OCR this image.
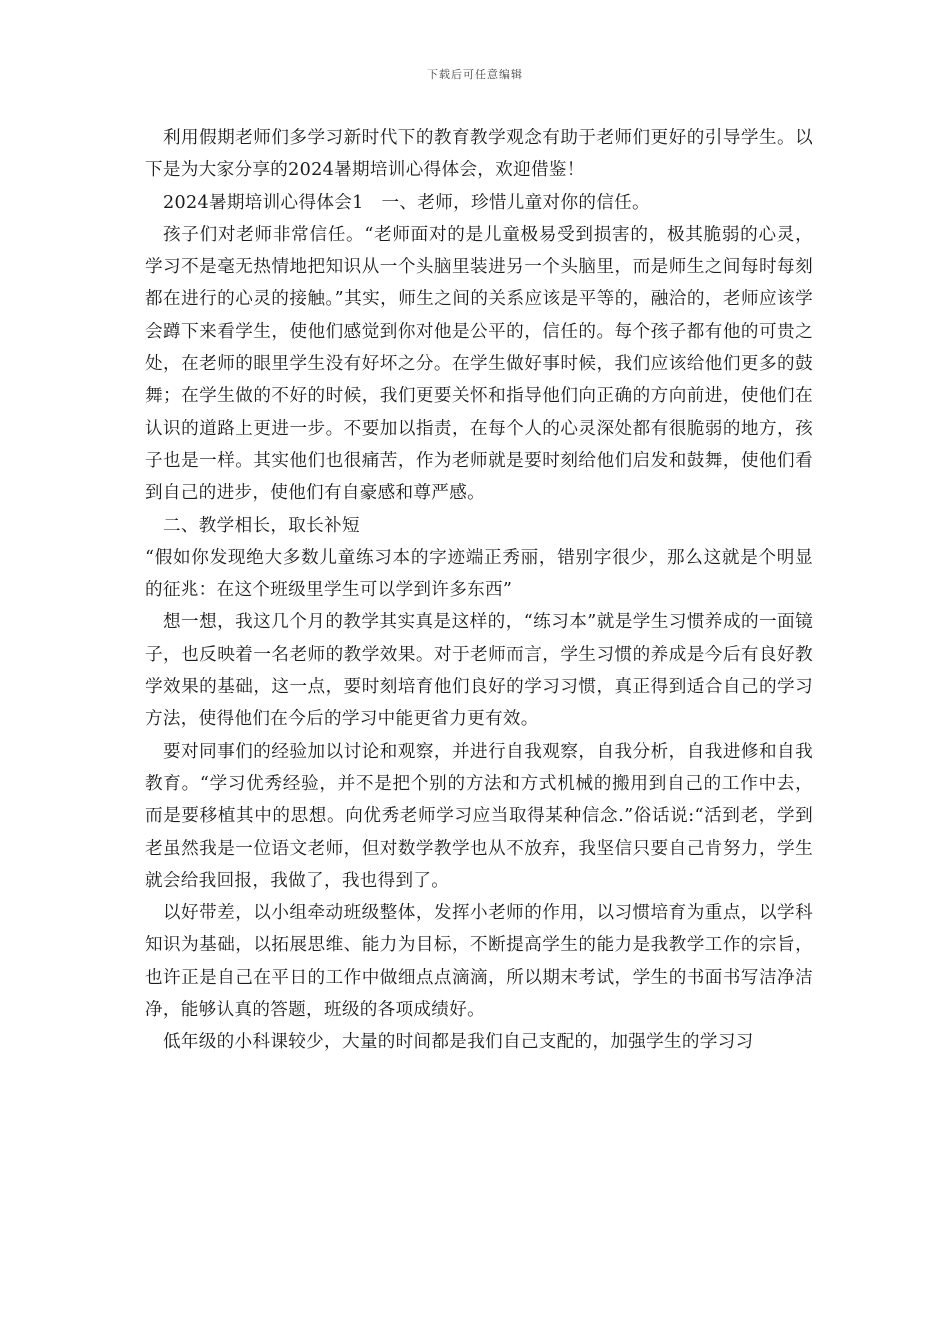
下载后可任意编辑

利用假期老师们多学习新时代下的教育教学观念有助于老师们更好的引导学生。以下是为大家分享的2024暑期培训心得体会，欢迎借鉴！

2024暑期培训心得体会1　一、老师，珍惜儿童对你的信任。

孩子们对老师非常信任。“老师面对的是儿童极易受到损害的，极其脆弱的心灵，学习不是毫无热情地把知识从一个头脑里装进另一个头脑里，而是师生之间每时每刻都在进行的心灵的接触。”其实，师生之间的关系应该是平等的，融洽的，老师应该学会蹲下来看学生，使他们感觉到你对他是公平的，信任的。每个孩子都有他的可贵之处，在老师的眼里学生没有好坏之分。在学生做好事时候，我们应该给他们更多的鼓舞；在学生做的不好的时候，我们更要关怀和指导他们向正确的方向前进，使他们在认识的道路上更进一步。不要加以指责，在每个人的心灵深处都有很脆弱的地方，孩子也是一样。其实他们也很痛苦，作为老师就是要时刻给他们启发和鼓舞，使他们看到自己的进步，使他们有自豪感和尊严感。

二、教学相长，取长补短

“假如你发现绝大多数儿童练习本的字迹端正秀丽，错别字很少，那么这就是个明显的征兆：在这个班级里学生可以学到许多东西”

想一想，我这几个月的教学其实真是这样的，“练习本”就是学生习惯养成的一面镜子，也反映着一名老师的教学效果。对于老师而言，学生习惯的养成是今后有良好教学效果的基础，这一点，要时刻培育他们良好的学习习惯，真正得到适合自己的学习方法，使得他们在今后的学习中能更省力更有效。

要对同事们的经验加以讨论和观察，并进行自我观察，自我分析，自我进修和自我教育。“学习优秀经验，并不是把个别的方法和方式机械的搬用到自己的工作中去，而是要移植其中的思想。向优秀老师学习应当取得某种信念.”俗话说:“活到老，学到老虽然我是一位语文老师，但对数学教学也从不放弃，我坚信只要自己肯努力，学生就会给我回报，我做了，我也得到了。

以好带差，以小组牵动班级整体，发挥小老师的作用，以习惯培育为重点，以学科知识为基础，以拓展思维、能力为目标，不断提高学生的能力是我教学工作的宗旨，也许正是自己在平日的工作中做细点点滴滴，所以期末考试，学生的书面书写洁净洁净，能够认真的答题，班级的各项成绩好。

低年级的小科课较少，大量的时间都是我们自己支配的，加强学生的学习习
